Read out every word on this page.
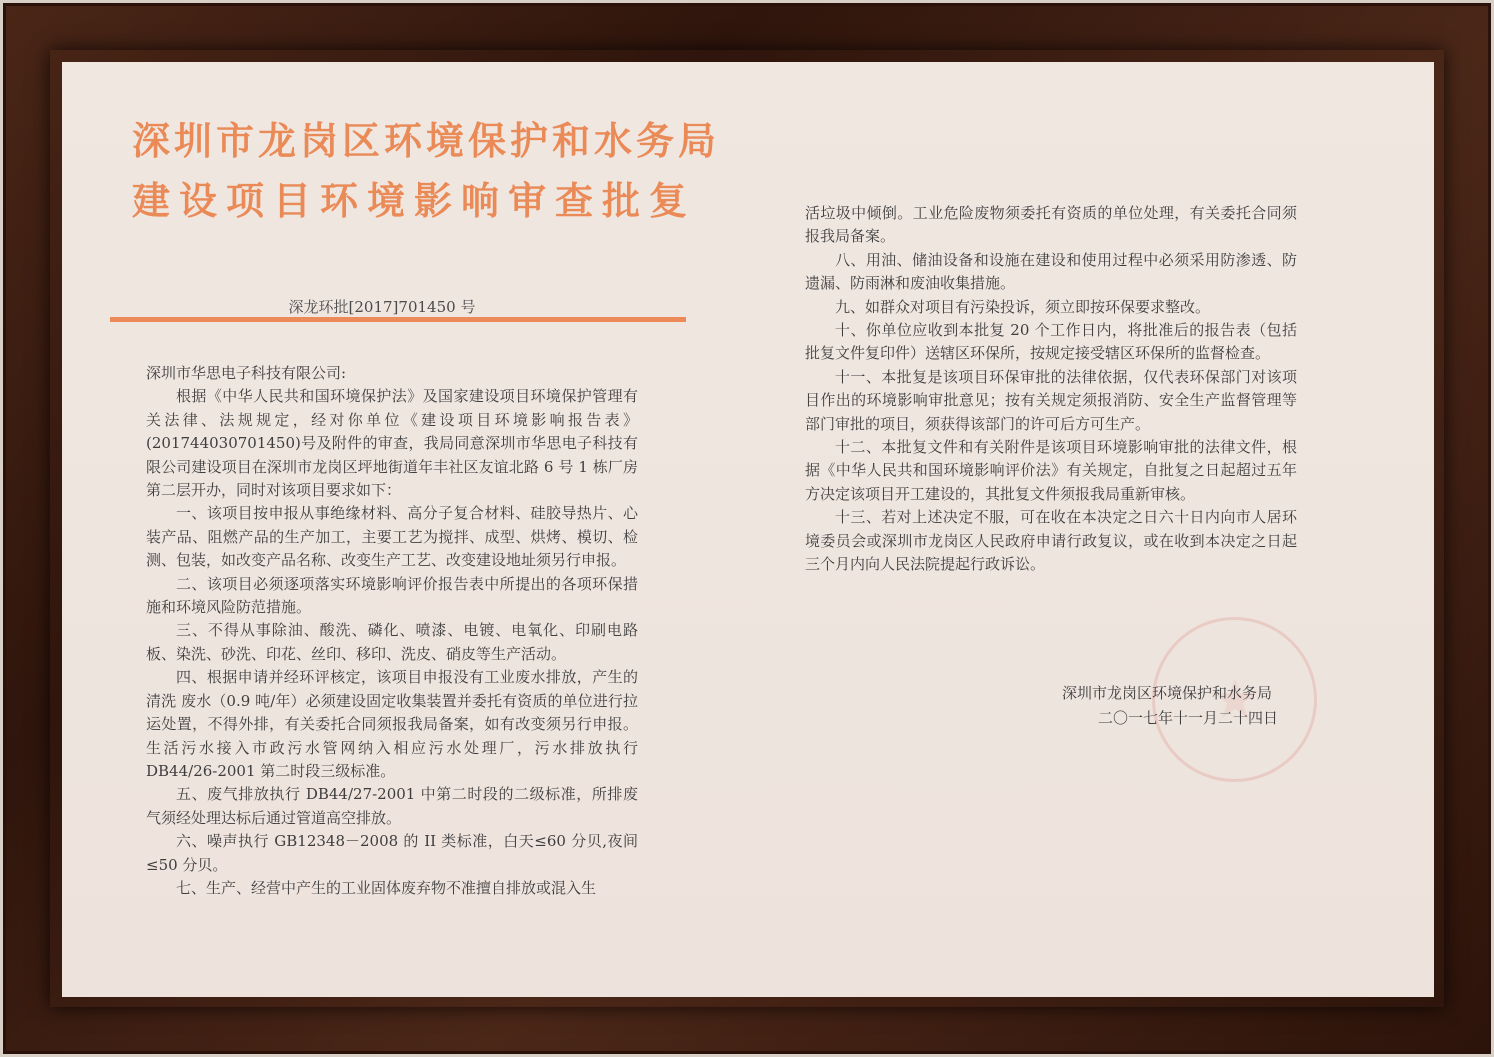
深圳市龙岗区环境保护和水务局
建设项目环境影响审查批复
深龙环批[2017]701450 号

深圳市华思电子科技有限公司:

根据《中华人民共和国环境保护法》及国家建设项目环境保护管理有关法律、法规规定，经对你单位《建设项目环境影响报告表》(201744030701450)号及附件的审查，我局同意深圳市华思电子科技有限公司建设项目在深圳市龙岗区坪地街道年丰社区友谊北路 6 号 1 栋厂房第二层开办，同时对该项目要求如下：

一、该项目按申报从事绝缘材料、高分子复合材料、硅胶导热片、心装产品、阻燃产品的生产加工，主要工艺为搅拌、成型、烘烤、模切、检测、包装，如改变产品名称、改变生产工艺、改变建设地址须另行申报。

二、该项目必须逐项落实环境影响评价报告表中所提出的各项环保措施和环境风险防范措施。

三、不得从事除油、酸洗、磷化、喷漆、电镀、电氧化、印刷电路板、染洗、砂洗、印花、丝印、移印、洗皮、硝皮等生产活动。

四、根据申请并经环评核定，该项目申报没有工业废水排放，产生的清洗 废水（0.9 吨/年）必须建设固定收集装置并委托有资质的单位进行拉运处置，不得外排，有关委托合同须报我局备案，如有改变须另行申报。生活污水接入市政污水管网纳入相应污水处理厂，污水排放执行 DB44/26-2001 第二时段三级标准。

五、废气排放执行 DB44/27-2001 中第二时段的二级标准，所排废气须经处理达标后通过管道高空排放。

六、噪声执行 GB12348－2008 的 II 类标准，白天≤60 分贝,夜间≤50 分贝。

七、生产、经营中产生的工业固体废弃物不准擅自排放或混入生

活垃圾中倾倒。工业危险废物须委托有资质的单位处理，有关委托合同须报我局备案。

八、用油、储油设备和设施在建设和使用过程中必须采用防渗透、防遗漏、防雨淋和废油收集措施。

九、如群众对项目有污染投诉，须立即按环保要求整改。

十、你单位应收到本批复 20 个工作日内，将批准后的报告表（包括批复文件复印件）送辖区环保所，按规定接受辖区环保所的监督检查。

十一、本批复是该项目环保审批的法律依据，仅代表环保部门对该项目作出的环境影响审批意见；按有关规定须报消防、安全生产监督管理等部门审批的项目，须获得该部门的许可后方可生产。

十二、本批复文件和有关附件是该项目环境影响审批的法律文件，根据《中华人民共和国环境影响评价法》有关规定，自批复之日起超过五年方决定该项目开工建设的，其批复文件须报我局重新审核。

十三、若对上述决定不服，可在收在本决定之日六十日内向市人居环境委员会或深圳市龙岗区人民政府申请行政复议，或在收到本决定之日起三个月内向人民法院提起行政诉讼。

深圳市龙岗区环境保护和水务局
二〇一七年十一月二十四日
